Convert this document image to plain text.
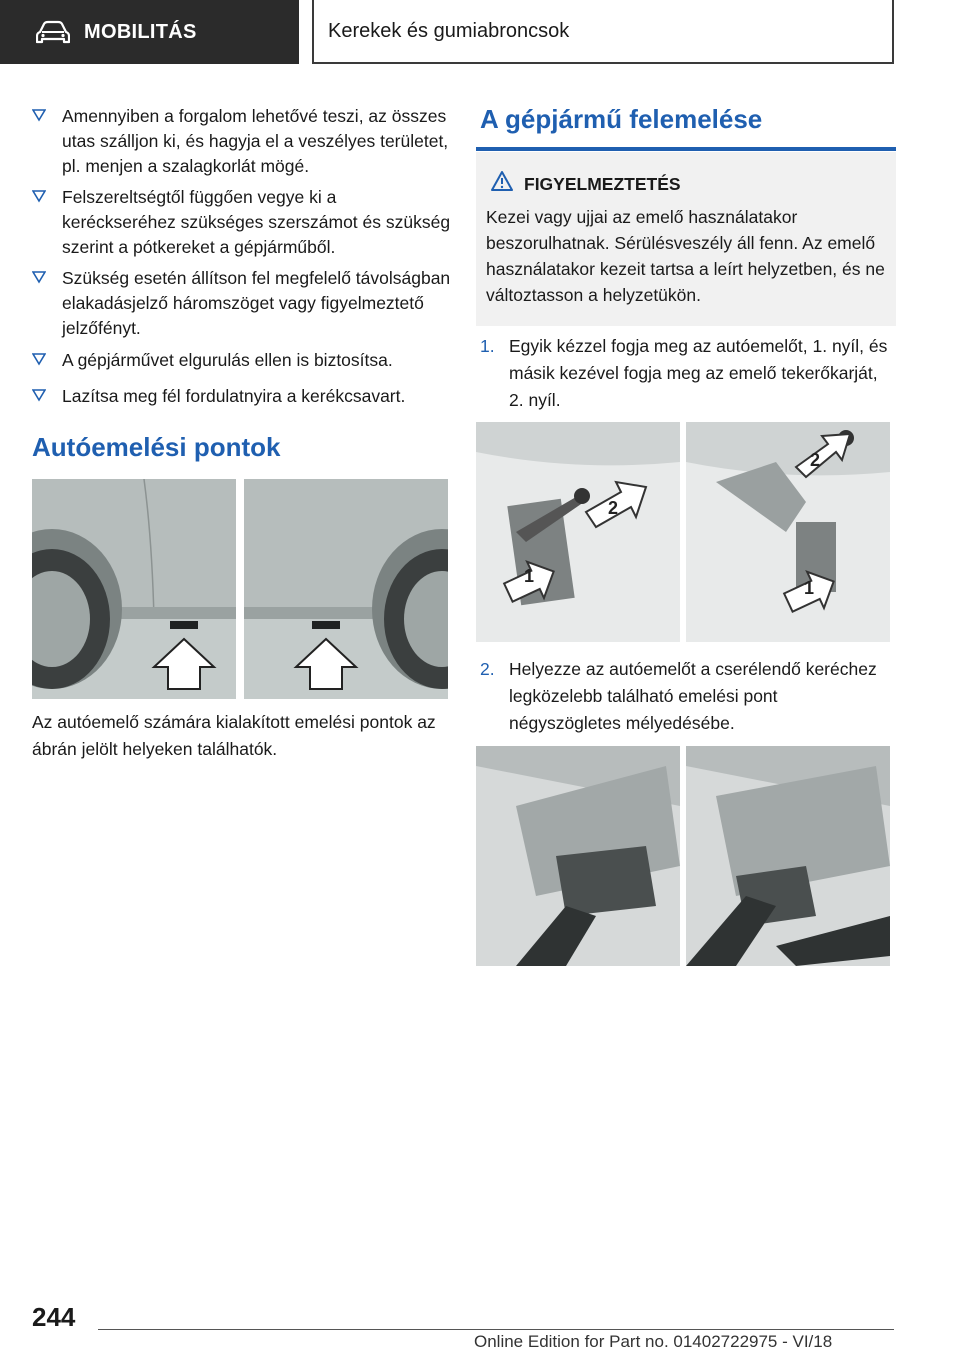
MOBILITÁS	Kerekek és gumiabroncsok
Amennyiben a forgalom lehetővé teszi, az összes utas szálljon ki, és hagyja el a veszélyes területet, pl. menjen a szalagkorlát mögé.
Felszereltségtől függően vegye ki a keréckseréhez szükséges szerszámot és szükség szerint a pótkereket a gépjárműből.
Szükség esetén állítson fel megfelelő távolságban elakadásjelző háromszöget vagy figyelmeztető jelzőfényt.
A gépjárművet elgurulás ellen is biztosítsa.
Lazítsa meg fél fordulatnyira a kerékcsavart.
Autóemelési pontok

Az autóemelő számára kialakított emelési pontok az ábrán jelölt helyeken találhatók.

A gépjármű felemelése
FIGYELMEZTETÉS
Kezei vagy ujjai az emelő használatakor beszorulhatnak. Sérülésveszély áll fenn. Az emelő használatakor kezeit tartsa a leírt helyzetben, és ne változtasson a helyzetükön.
1. Egyik kézzel fogja meg az autóemelőt, 1. nyíl, és másik kezével fogja meg az emelő tekerőkarját, 2. nyíl.
1
2
2
1
2. Helyezze az autóemelőt a cserélendő keréchez legközelebb található emelési pont négyszögletes mélyedésébe.
244
Online Edition for Part no. 01402722975 - VI/18
